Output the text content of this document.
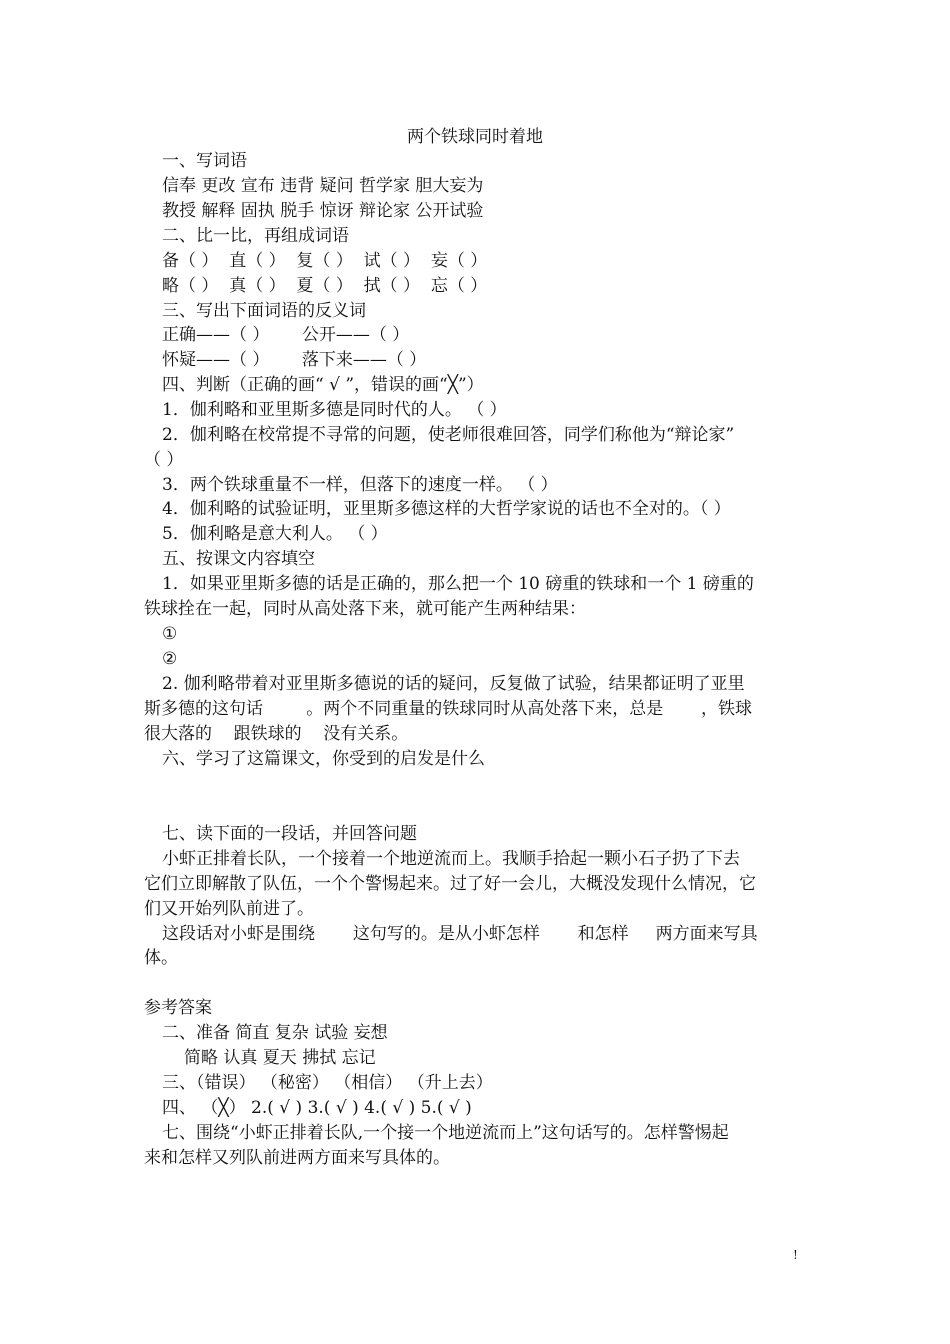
两个铁球同时着地
一、写词语
信奉 更改 宣布 违背 疑问 哲学家 胆大妄为
教授 解释 固执 脱手 惊讶 辩论家 公开试验
二、比一比，再组成词语
备（ ）  直（ ）  复（ ）  试（ ）  妄（ ）
略（ ）  真（ ）  夏（ ）  拭（ ）  忘（ ）
三、写出下面词语的反义词
正确——（ ）      公开——（ ）
怀疑——（ ）      落下来——（ ）
四、判断（正确的画“ √ ”，错误的画“╳”）
1．伽利略和亚里斯多德是同时代的人。 （ ）
2．伽利略在校常提不寻常的问题，使老师很难回答，同学们称他为“辩论家”
（ ）
3．两个铁球重量不一样，但落下的速度一样。 （ ）
4．伽利略的试验证明，亚里斯多德这样的大哲学家说的话也不全对的。（ ）
5．伽利略是意大利人。 （ ）
五、按课文内容填空
1．如果亚里斯多德的话是正确的，那么把一个 10 磅重的铁球和一个 1 磅重的
铁球拴在一起，同时从高处落下来，就可能产生两种结果：
①
②
2. 伽利略带着对亚里斯多德说的话的疑问，反复做了试验，结果都证明了亚里
斯多德的这句话        。两个不同重量的铁球同时从高处落下来，总是       ，铁球
很大落的    跟铁球的    没有关系。
六、学习了这篇课文，你受到的启发是什么
七、读下面的一段话，并回答问题
小虾正排着长队，一个接着一个地逆流而上。我顺手拾起一颗小石子扔了下去
它们立即解散了队伍，一个个警惕起来。过了好一会儿，大概没发现什么情况，它
们又开始列队前进了。
这段话对小虾是围绕       这句写的。是从小虾怎样       和怎样     两方面来写具
体。
参考答案
二、准备 简直 复杂 试验 妄想
简略 认真 夏天 拂拭 忘记
三、（错误） （秘密） （相信） （升上去）
四、 （╳） 2.( √ ) 3.( √ ) 4.( √ ) 5.( √ )
七、围绕“小虾正排着长队,一个接一个地逆流而上”这句话写的。怎样警惕起
来和怎样又列队前进两方面来写具体的。
!
